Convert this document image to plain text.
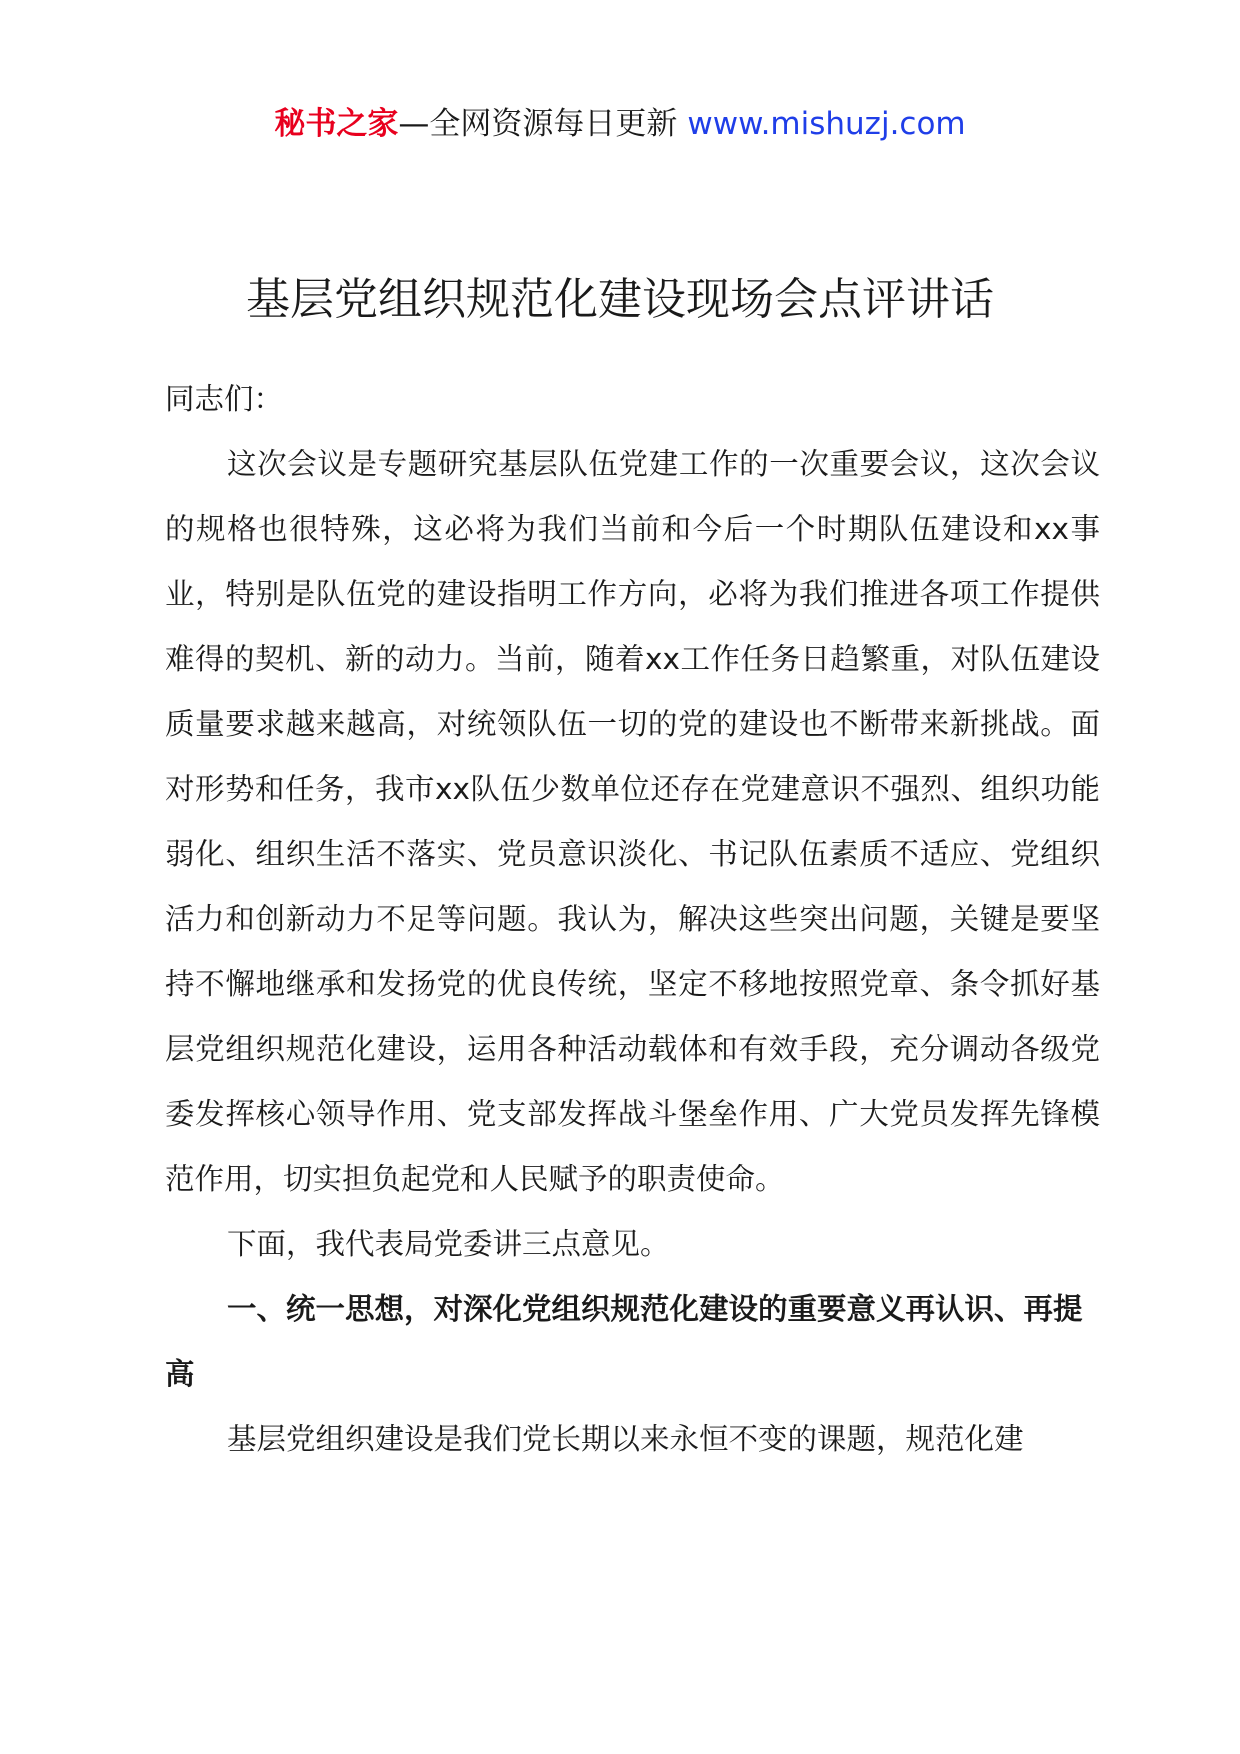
秘书之家—全网资源每日更新 www.mishuzj.com
基层党组织规范化建设现场会点评讲话

同志们：

这次会议是专题研究基层队伍党建工作的一次重要会议，这次会议的规格也很特殊，这必将为我们当前和今后一个时期队伍建设和xx事业，特别是队伍党的建设指明工作方向，必将为我们推进各项工作提供难得的契机、新的动力。当前，随着xx工作任务日趋繁重，对队伍建设质量要求越来越高，对统领队伍一切的党的建设也不断带来新挑战。面对形势和任务，我市xx队伍少数单位还存在党建意识不强烈、组织功能弱化、组织生活不落实、党员意识淡化、书记队伍素质不适应、党组织活力和创新动力不足等问题。我认为，解决这些突出问题，关键是要坚持不懈地继承和发扬党的优良传统，坚定不移地按照党章、条令抓好基层党组织规范化建设，运用各种活动载体和有效手段，充分调动各级党委发挥核心领导作用、党支部发挥战斗堡垒作用、广大党员发挥先锋模范作用，切实担负起党和人民赋予的职责使命。

下面，我代表局党委讲三点意见。

一、统一思想，对深化党组织规范化建设的重要意义再认识、再提高

基层党组织建设是我们党长期以来永恒不变的课题，规范化建
